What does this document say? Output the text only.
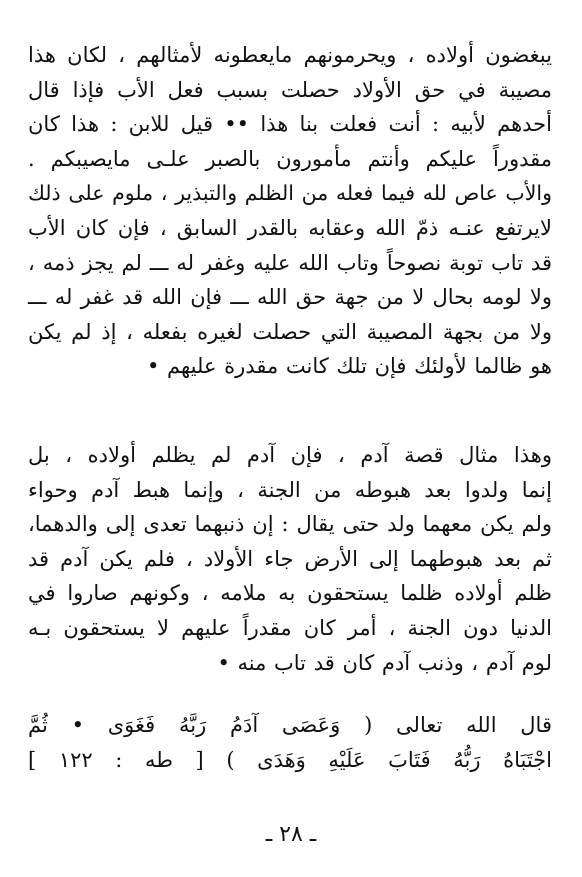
يبغضون أولاده ، ويحرمونهم مايعطونه لأمثالهم ، لكان هذا
مصيبة في حق الأولاد حصلت بسبب فعل الأب فإذا قال
أحدهم لأبيه : أنت فعلت بنا هذا •• قيل للابن : هذا كان
مقدوراً عليكم وأنتم مأمورون بالصبر علـى مايصيبكم .
والأب عاص لله فيما فعله من الظلم والتبذير ، ملوم على ذلك
لايرتفع عنـه ذمّ الله وعقابه بالقدر السابق ، فإن كان الأب
قد تاب توبة نصوحاً وتاب الله عليه وغفر له ـــ لم يجز ذمه ،
ولا لومه بحال لا من جهة حق الله ـــ فإن الله قد غفر له ـــ
ولا من بجهة المصيبة التي حصلت لغيره بفعله ، إذ لم يكن
هو ظالما لأولئك فإن تلك كانت مقدرة عليهم •
وهذا مثال قصة آدم ، فإن آدم لم يظلم أولاده ، بل
إنما ولدوا بعد هبوطه من الجنة ، وإنما هبط آدم وحواء
ولم يكن معهما ولد حتى يقال : إن ذنبهما تعدى إلى والدهما،
ثم بعد هبوطهما إلى الأرض جاء الأولاد ، فلم يكن آدم قد
ظلم أولاده ظلما يستحقون به ملامه ، وكونهم صاروا في
الدنيا دون الجنة ، أمر كان مقدراً عليهم لا يستحقون بـه
لوم آدم ، وذنب آدم كان قد تاب منه •
قال الله تعالى ( وَعَصَى آدَمُ رَبَّهُ فَغَوَى • ثُمَّ
اجْتَبَاهُ رَبُّهُ فَتَابَ عَلَيْهِ وَهَدَى ) [ طه : ١٢٢ ]
ـ ٢٨ ـ
